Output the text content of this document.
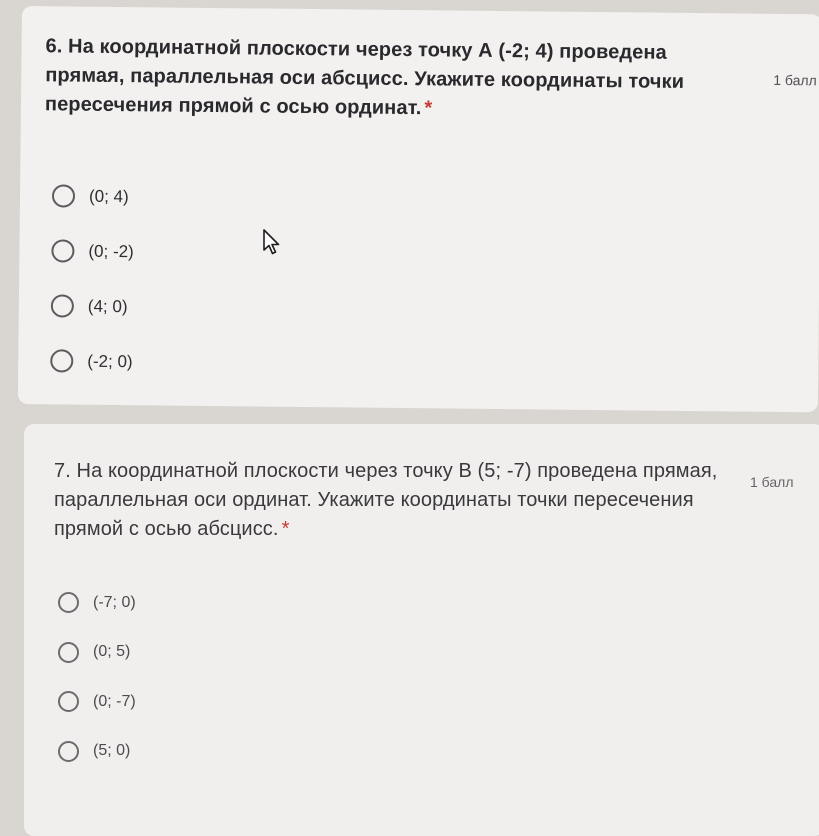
6. На координатной плоскости через точку А (-2; 4) проведена прямая, параллельная оси абсцисс. Укажите координаты точки пересечения прямой с осью ординат. *
1 балл
(0; 4)
(0; -2)
(4; 0)
(-2; 0)
7. На координатной плоскости через точку В (5; -7) проведена прямая, параллельная оси ординат. Укажите координаты точки пересечения прямой с осью абсцисс. *
1 балл
(-7; 0)
(0; 5)
(0; -7)
(5; 0)
